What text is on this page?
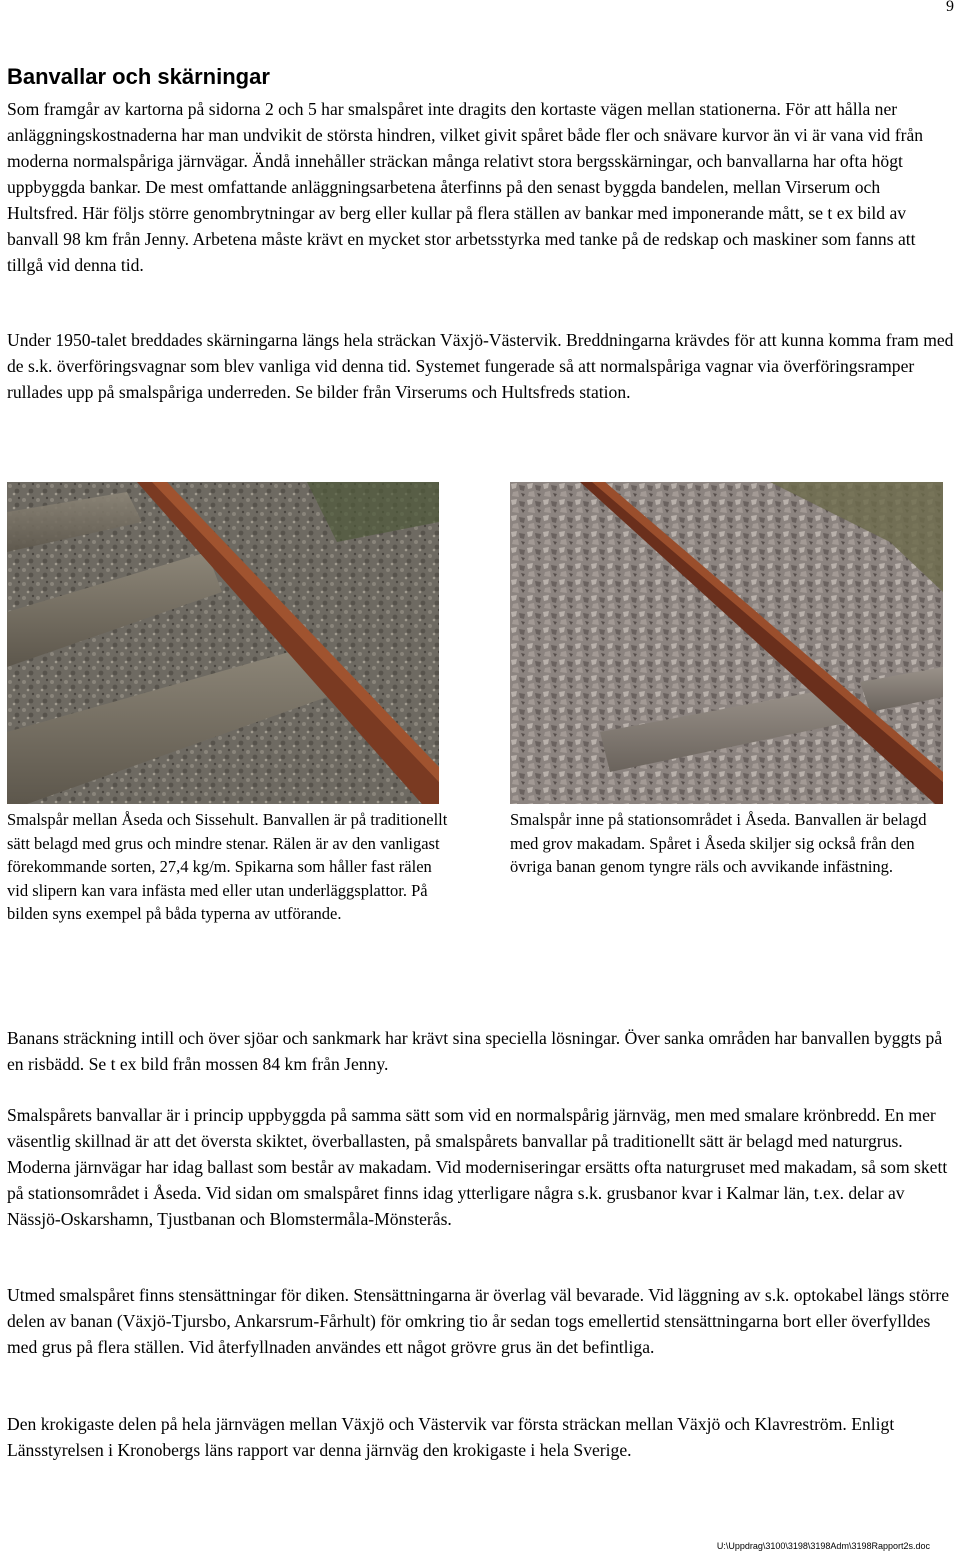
9
Banvallar och skärningar

Som framgår av kartorna på sidorna 2 och 5 har smalspåret inte dragits den kortaste vägen mellan stationerna. För att hålla ner anläggningskostnaderna har man undvikit de största hindren, vilket givit spåret både fler och snävare kurvor än vi är vana vid från moderna normalspåriga järnvägar. Ändå innehåller sträckan många relativt stora bergsskärningar, och banvallarna har ofta högt uppbyggda bankar. De mest omfattande anläggningsarbetena återfinns på den senast byggda bandelen, mellan Virserum och Hultsfred. Här följs större genombrytningar av berg eller kullar på flera ställen av bankar med imponerande mått, se t ex bild av banvall 98 km från Jenny. Arbetena måste krävt en mycket stor arbetsstyrka med tanke på de redskap och maskiner som fanns att tillgå vid denna tid.

Under 1950-talet breddades skärningarna längs hela sträckan Växjö-Västervik. Breddningarna krävdes för att kunna komma fram med de s.k. överföringsvagnar som blev vanliga vid denna tid. Systemet fungerade så att normalspåriga vagnar via överföringsramper rullades upp på smalspåriga underreden. Se bilder från Virserums och Hultsfreds station.

Smalspår mellan Åseda och Sissehult. Banvallen är på traditionellt sätt belagd med grus och mindre stenar. Rälen är av den vanligast förekommande sorten, 27,4 kg/m. Spikarna som håller fast rälen vid slipern kan vara infästa med eller utan underläggsplattor. På bilden syns exempel på båda typerna av utförande.

Smalspår inne på stationsområdet i Åseda. Banvallen är belagd med grov makadam. Spåret i Åseda skiljer sig också från den övriga banan genom tyngre räls och avvikande infästning.

Banans sträckning intill och över sjöar och sankmark har krävt sina speciella lösningar. Över sanka områden har banvallen byggts på en risbädd. Se t ex bild från mossen 84 km från Jenny.

Smalspårets banvallar är i princip uppbyggda på samma sätt som vid en normalspårig järnväg, men med smalare krönbredd. En mer väsentlig skillnad är att det översta skiktet, överballasten, på smalspårets banvallar på traditionellt sätt är belagd med naturgrus. Moderna järnvägar har idag ballast som består av makadam. Vid moderniseringar ersätts ofta naturgruset med makadam, så som skett på stationsområdet i Åseda. Vid sidan om smalspåret finns idag ytterligare några s.k. grusbanor kvar i Kalmar län, t.ex. delar av Nässjö-Oskarshamn, Tjustbanan och Blomstermåla-Mönsterås.

Utmed smalspåret finns stensättningar för diken. Stensättningarna är överlag väl bevarade. Vid läggning av s.k. optokabel längs större delen av banan (Växjö-Tjursbo, Ankarsrum-Fårhult) för omkring tio år sedan togs emellertid stensättningarna bort eller överfylldes med grus på flera ställen. Vid återfyllnaden användes ett något grövre grus än det befintliga.

Den krokigaste delen på hela järnvägen mellan Växjö och Västervik var första sträckan mellan Växjö och Klavreström. Enligt Länsstyrelsen i Kronobergs läns rapport var denna järnväg den krokigaste i hela Sverige.

U:\Uppdrag\3100\3198\3198Adm\3198Rapport2s.doc
